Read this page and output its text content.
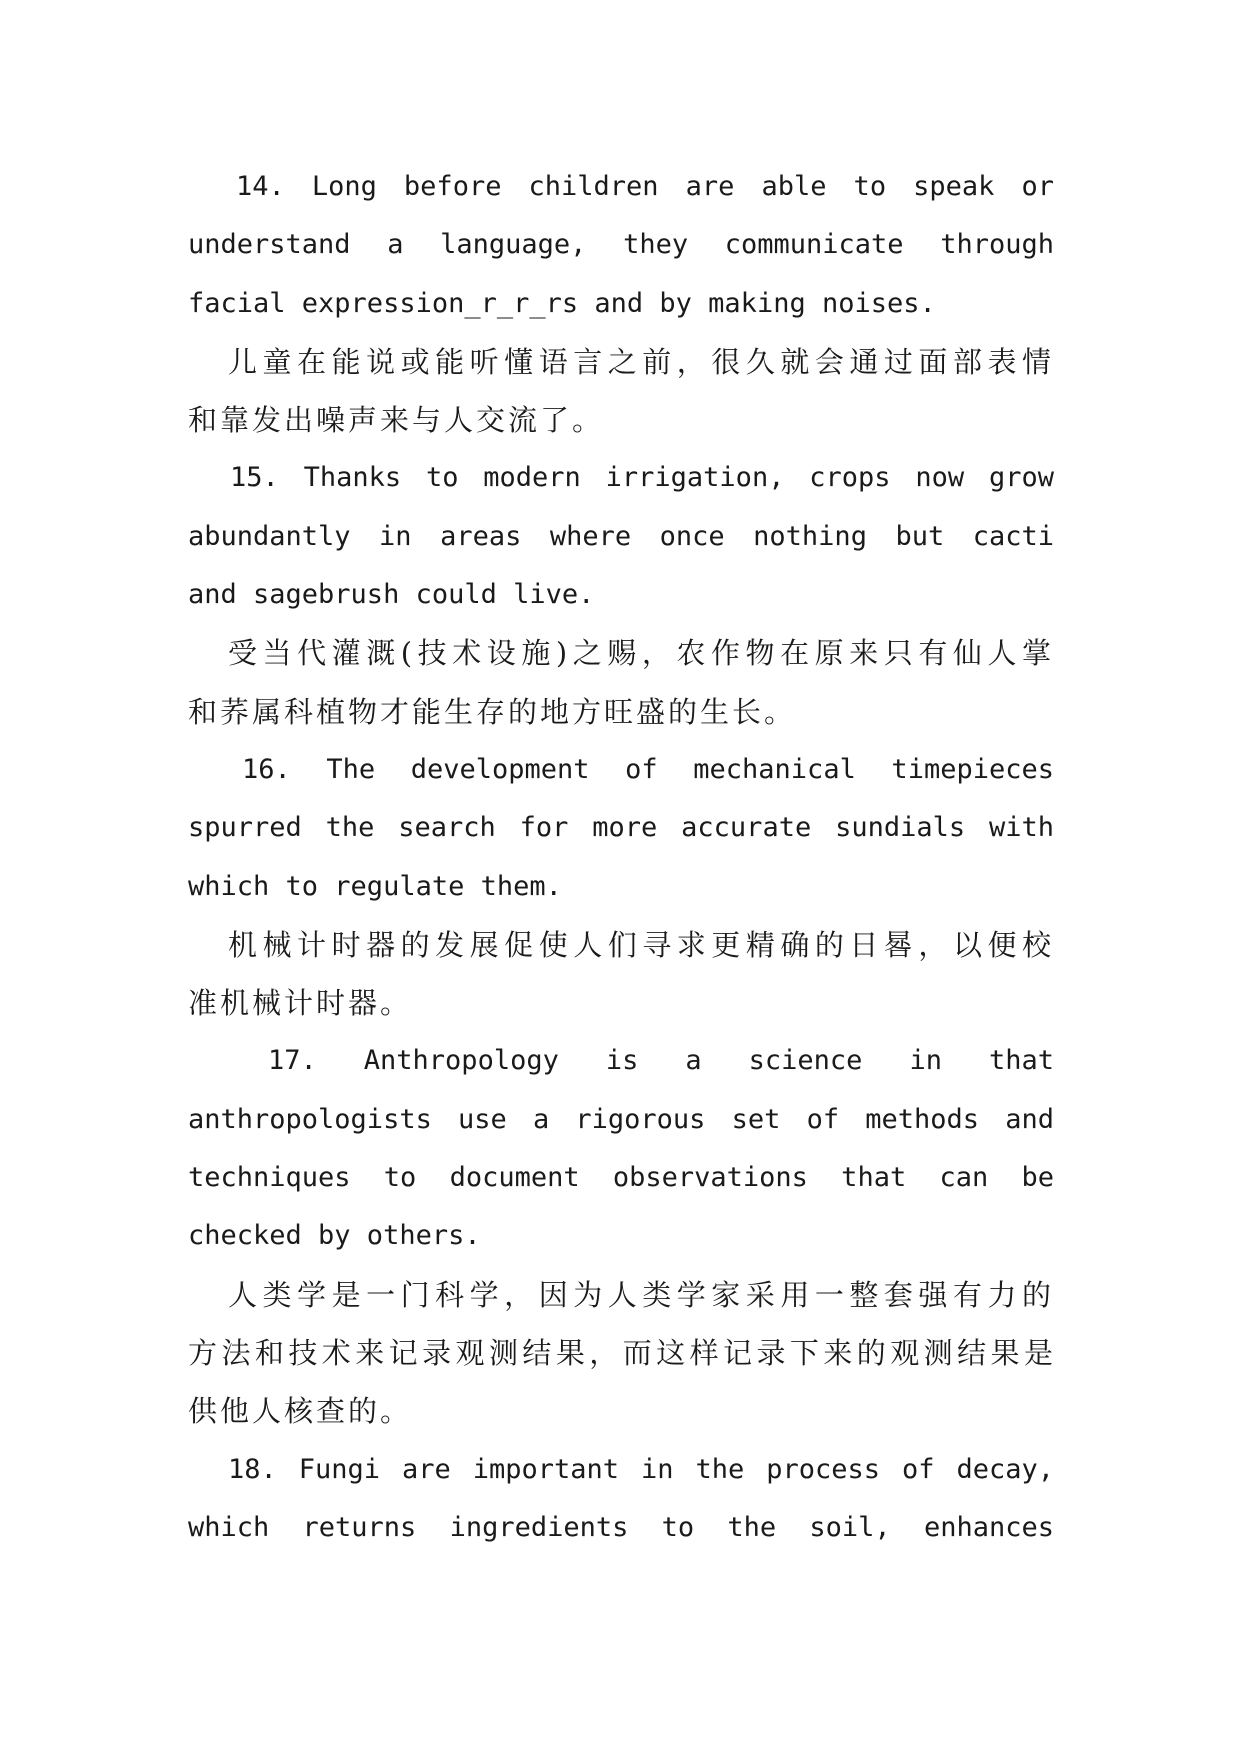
14. Long before children are able to speak or
understand a language, they communicate through
facial expression_r_r_rs and by making noises.
儿童在能说或能听懂语言之前，很久就会通过面部表情
和靠发出噪声来与人交流了。
15. Thanks to modern irrigation, crops now grow
abundantly in areas where once nothing but cacti
and sagebrush could live.
受当代灌溉(技术设施)之赐，农作物在原来只有仙人掌
和荞属科植物才能生存的地方旺盛的生长。
16. The development of mechanical timepieces
spurred the search for more accurate sundials with
which to regulate them.
机械计时器的发展促使人们寻求更精确的日晷，以便校
准机械计时器。
17. Anthropology is a science in that
anthropologists use a rigorous set of methods and
techniques to document observations that can be
checked by others.
人类学是一门科学，因为人类学家采用一整套强有力的
方法和技术来记录观测结果，而这样记录下来的观测结果是
供他人核查的。
18. Fungi are important in the process of decay,
which returns ingredients to the soil, enhances
